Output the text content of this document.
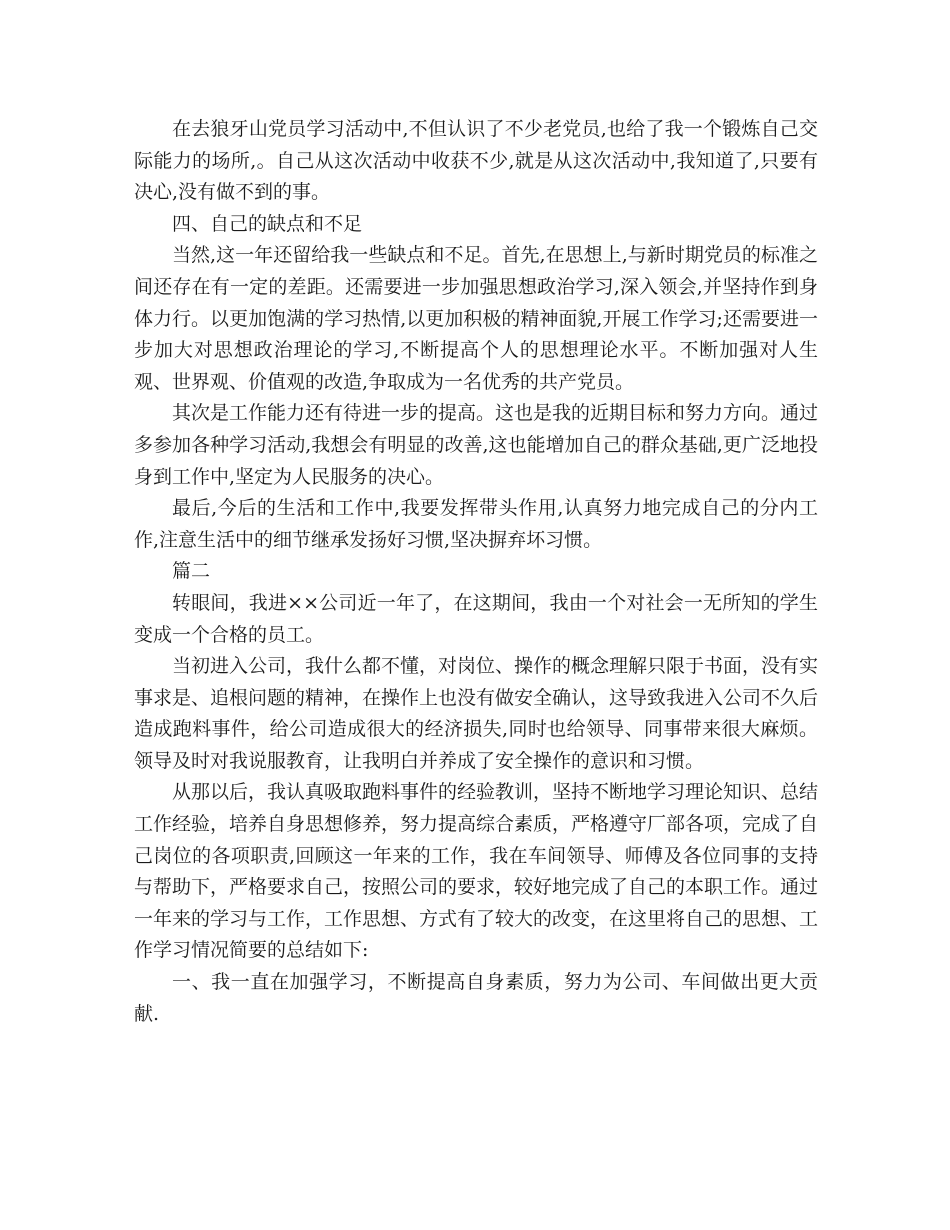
在去狼牙山党员学习活动中,不但认识了不少老党员,也给了我一个锻炼自己交际能力的场所,。自己从这次活动中收获不少,就是从这次活动中,我知道了,只要有决心,没有做不到的事。

四、自己的缺点和不足

当然,这一年还留给我一些缺点和不足。首先,在思想上,与新时期党员的标准之间还存在有一定的差距。还需要进一步加强思想政治学习,深入领会,并坚持作到身体力行。以更加饱满的学习热情,以更加积极的精神面貌,开展工作学习;还需要进一步加大对思想政治理论的学习,不断提高个人的思想理论水平。不断加强对人生观、世界观、价值观的改造,争取成为一名优秀的共产党员。

其次是工作能力还有待进一步的提高。这也是我的近期目标和努力方向。通过多参加各种学习活动,我想会有明显的改善,这也能增加自己的群众基础,更广泛地投身到工作中,坚定为人民服务的决心。

最后,今后的生活和工作中,我要发挥带头作用,认真努力地完成自己的分内工作,注意生活中的细节继承发扬好习惯,坚决摒弃坏习惯。

篇二

转眼间，我进××公司近一年了，在这期间，我由一个对社会一无所知的学生变成一个合格的员工。

当初进入公司，我什么都不懂，对岗位、操作的概念理解只限于书面，没有实事求是、追根问题的精神，在操作上也没有做安全确认，这导致我进入公司不久后造成跑料事件，给公司造成很大的经济损失,同时也给领导、同事带来很大麻烦。领导及时对我说服教育，让我明白并养成了安全操作的意识和习惯。

从那以后，我认真吸取跑料事件的经验教训，坚持不断地学习理论知识、总结工作经验，培养自身思想修养，努力提高综合素质，严格遵守厂部各项，完成了自己岗位的各项职责,回顾这一年来的工作，我在车间领导、师傅及各位同事的支持与帮助下，严格要求自己，按照公司的要求，较好地完成了自己的本职工作。通过一年来的学习与工作，工作思想、方式有了较大的改变，在这里将自己的思想、工作学习情况简要的总结如下:

一、我一直在加强学习，不断提高自身素质，努力为公司、车间做出更大贡献.
